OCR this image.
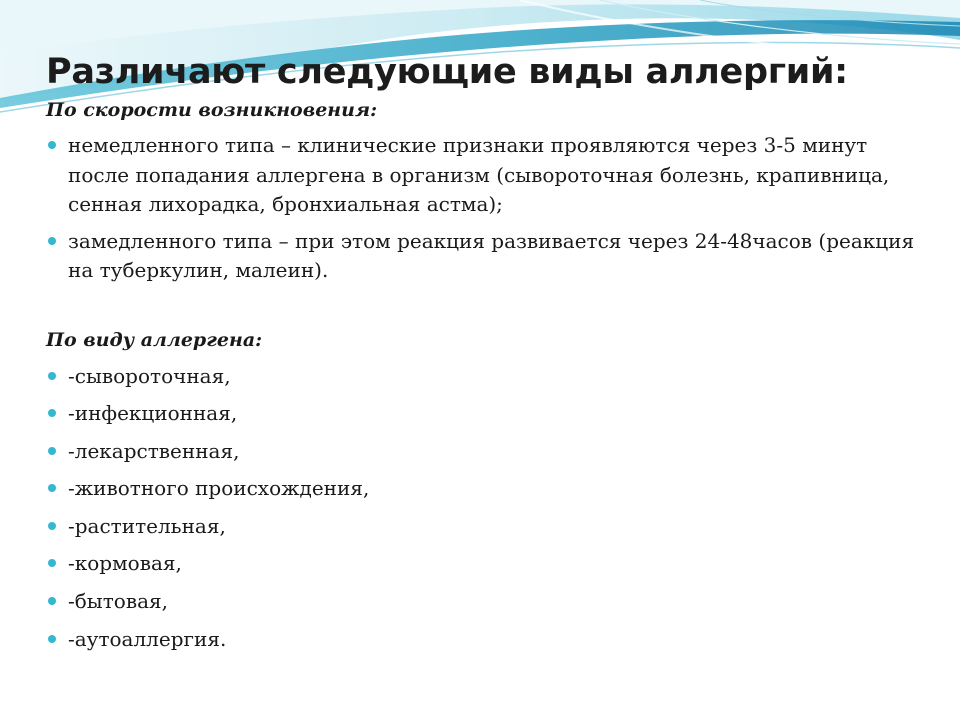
Различают следующие виды аллергий:

По скорости возникновения:

немедленного типа – клинические признаки проявляются через 3-5 минут после попадания аллергена в организм (сывороточная болезнь, крапивница, сенная лихорадка, бронхиальная астма);
замедленного типа – при этом реакция развивается через 24-48часов (реакция на туберкулин, малеин).

По виду аллергена:

-сывороточная,
-инфекционная,
-лекарственная,
-животного происхождения,
-растительная,
-кормовая,
-бытовая,
-аутоаллергия.
